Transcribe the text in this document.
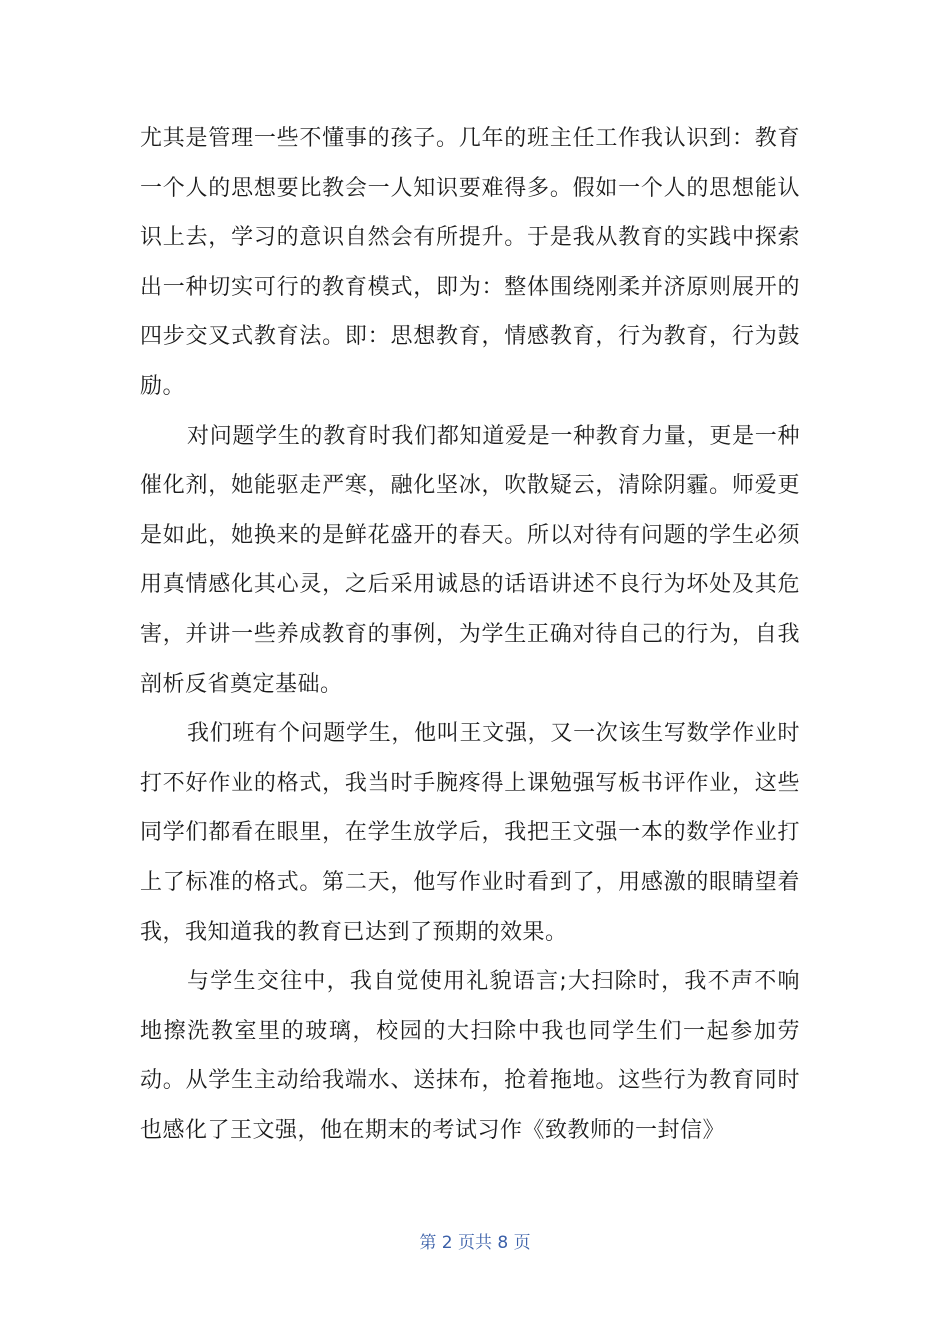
尤其是管理一些不懂事的孩子。几年的班主任工作我认识到：教育一个人的思想要比教会一人知识要难得多。假如一个人的思想能认识上去，学习的意识自然会有所提升。于是我从教育的实践中探索出一种切实可行的教育模式，即为：整体围绕刚柔并济原则展开的四步交叉式教育法。即：思想教育，情感教育，行为教育，行为鼓励。

对问题学生的教育时我们都知道爱是一种教育力量，更是一种催化剂，她能驱走严寒，融化坚冰，吹散疑云，清除阴霾。师爱更是如此，她换来的是鲜花盛开的春天。所以对待有问题的学生必须用真情感化其心灵，之后采用诚恳的话语讲述不良行为坏处及其危害，并讲一些养成教育的事例，为学生正确对待自己的行为，自我剖析反省奠定基础。

我们班有个问题学生，他叫王文强，又一次该生写数学作业时打不好作业的格式，我当时手腕疼得上课勉强写板书评作业，这些同学们都看在眼里，在学生放学后，我把王文强一本的数学作业打上了标准的格式。第二天，他写作业时看到了，用感激的眼睛望着我，我知道我的教育已达到了预期的效果。

与学生交往中，我自觉使用礼貌语言;大扫除时，我不声不响地擦洗教室里的玻璃，校园的大扫除中我也同学生们一起参加劳动。从学生主动给我端水、送抹布，抢着拖地。这些行为教育同时也感化了王文强，他在期末的考试习作《致教师的一封信》

第 2 页共 8 页
